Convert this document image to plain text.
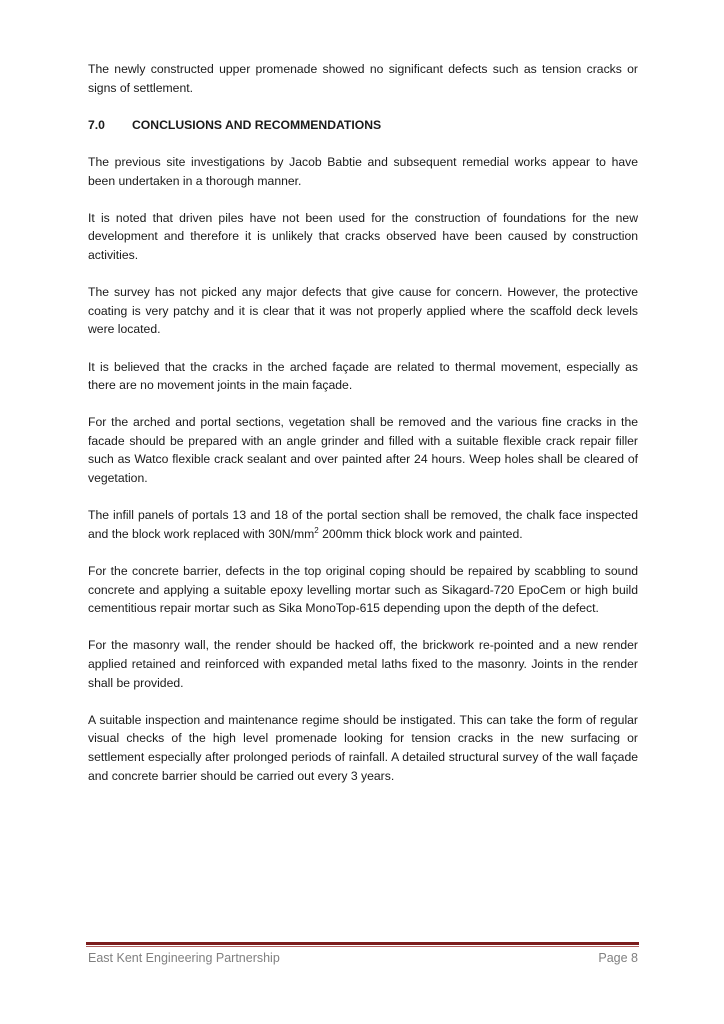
The newly constructed upper promenade showed no significant defects such as tension cracks or signs of settlement.

7.0	CONCLUSIONS AND RECOMMENDATIONS

The previous site investigations by Jacob Babtie and subsequent remedial works appear to have been undertaken in a thorough manner.

It is noted that driven piles have not been used for the construction of foundations for the new development and therefore it is unlikely that cracks observed have been caused by construction activities.

The survey has not picked any major defects that give cause for concern. However, the protective coating is very patchy and it is clear that it was not properly applied where the scaffold deck levels were located.

It is believed that the cracks in the arched façade are related to thermal movement, especially as there are no movement joints in the main façade.

For the arched and portal sections, vegetation shall be removed and the various fine cracks in the facade should be prepared with an angle grinder and filled with a suitable flexible crack repair filler such as Watco flexible crack sealant and over painted after 24 hours. Weep holes shall be cleared of vegetation.

The infill panels of portals 13 and 18 of the portal section shall be removed, the chalk face inspected and the block work replaced with $30N/mm^2$ 200mm thick block work and painted.

For the concrete barrier, defects in the top original coping should be repaired by scabbling to sound concrete and applying a suitable epoxy levelling mortar such as Sikagard-720 EpoCem or high build cementitious repair mortar such as Sika MonoTop-615 depending upon the depth of the defect.

For the masonry wall, the render should be hacked off, the brickwork re-pointed and a new render applied retained and reinforced with expanded metal laths fixed to the masonry. Joints in the render shall be provided.

A suitable inspection and maintenance regime should be instigated. This can take the form of regular visual checks of the high level promenade looking for tension cracks in the new surfacing or settlement especially after prolonged periods of rainfall. A detailed structural survey of the wall façade and concrete barrier should be carried out every 3 years.

East Kent Engineering Partnership	Page 8
